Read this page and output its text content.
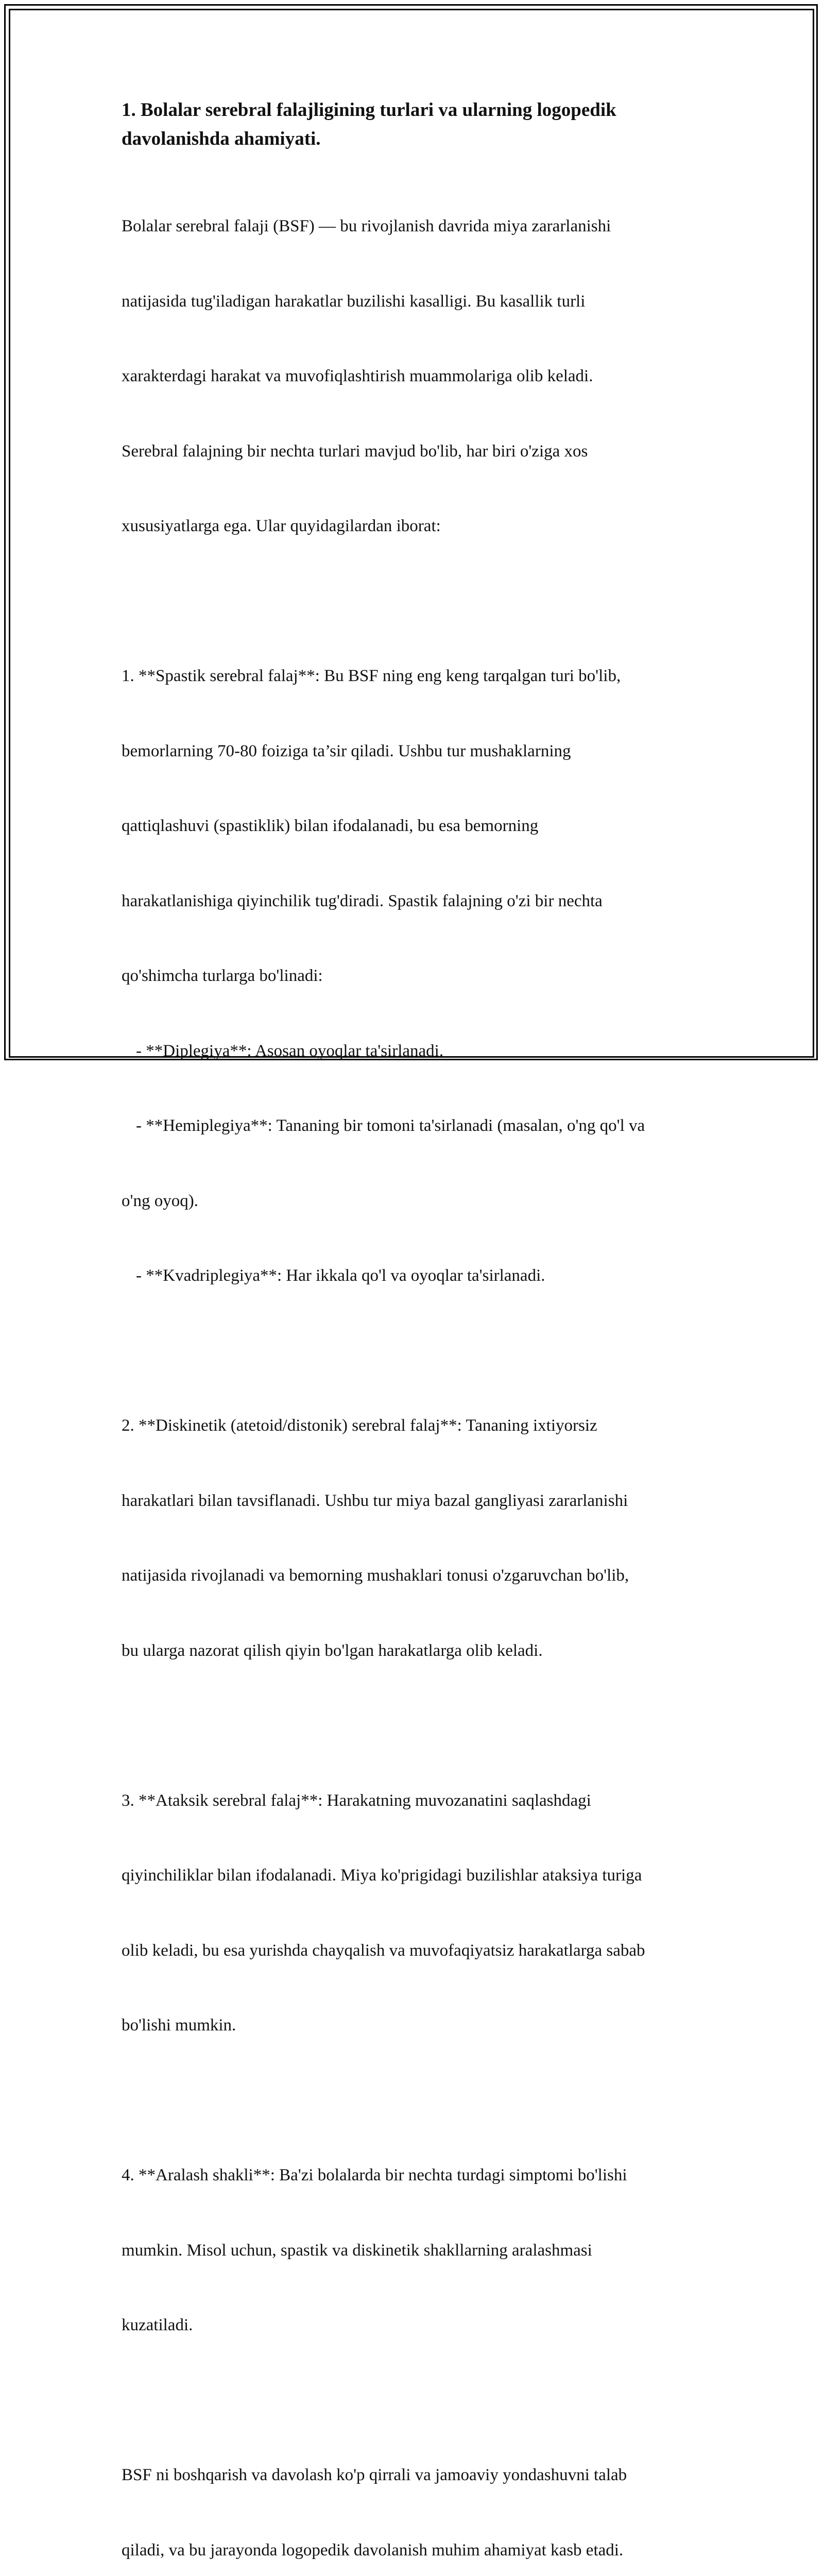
1. Bolalar serebral falajligining turlari va ularning logopedik
davolanishda ahamiyati.

Bolalar serebral falaji (BSF) — bu rivojlanish davrida miya zararlanishi

natijasida tug'iladigan harakatlar buzilishi kasalligi. Bu kasallik turli

xarakterdagi harakat va muvofiqlashtirish muammolariga olib keladi.

Serebral falajning bir nechta turlari mavjud bo'lib, har biri o'ziga xos

xususiyatlarga ega. Ular quyidagilardan iborat:

1. **Spastik serebral falaj**: Bu BSF ning eng keng tarqalgan turi bo'lib,

bemorlarning 70-80 foiziga ta’sir qiladi. Ushbu tur mushaklarning

qattiqlashuvi (spastiklik) bilan ifodalanadi, bu esa bemorning

harakatlanishiga qiyinchilik tug'diradi. Spastik falajning o'zi bir nechta

qo'shimcha turlarga bo'linadi:

- **Diplegiya**: Asosan oyoqlar ta'sirlanadi.

- **Hemiplegiya**: Tananing bir tomoni ta'sirlanadi (masalan, o'ng qo'l va

o'ng oyoq).

- **Kvadriplegiya**: Har ikkala qo'l va oyoqlar ta'sirlanadi.

2. **Diskinetik (atetoid/distonik) serebral falaj**: Tananing ixtiyorsiz

harakatlari bilan tavsiflanadi. Ushbu tur miya bazal gangliyasi zararlanishi

natijasida rivojlanadi va bemorning mushaklari tonusi o'zgaruvchan bo'lib,

bu ularga nazorat qilish qiyin bo'lgan harakatlarga olib keladi.

3. **Ataksik serebral falaj**: Harakatning muvozanatini saqlashdagi

qiyinchiliklar bilan ifodalanadi. Miya ko'prigidagi buzilishlar ataksiya turiga

olib keladi, bu esa yurishda chayqalish va muvofaqiyatsiz harakatlarga sabab

bo'lishi mumkin.

4. **Aralash shakli**: Ba'zi bolalarda bir nechta turdagi simptomi bo'lishi

mumkin. Misol uchun, spastik va diskinetik shakllarning aralashmasi

kuzatiladi.

BSF ni boshqarish va davolash ko'p qirrali va jamoaviy yondashuvni talab

qiladi, va bu jarayonda logopedik davolanish muhim ahamiyat kasb etadi.
